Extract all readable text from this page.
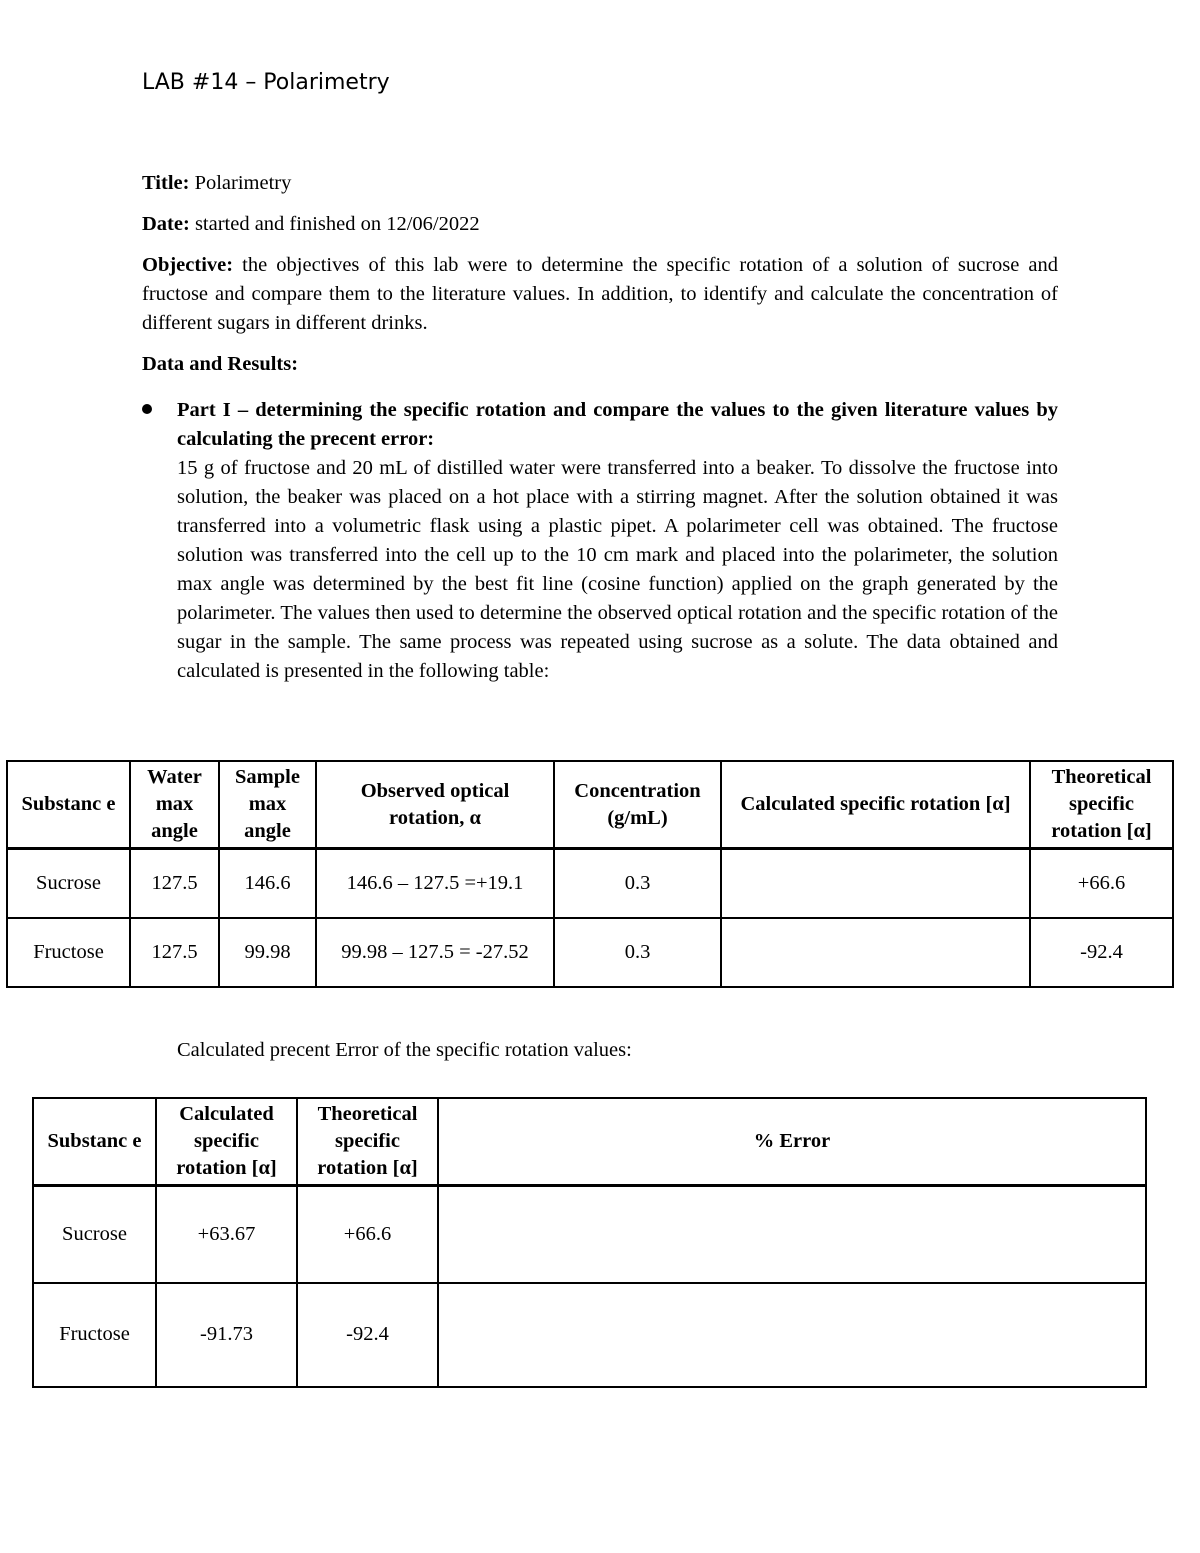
LAB #14 – Polarimetry
Title: Polarimetry
Date: started and finished on 12/06/2022
Objective: the objectives of this lab were to determine the specific rotation of a solution of sucrose and fructose and compare them to the literature values. In addition, to identify and calculate the concentration of different sugars in different drinks.
Data and Results:
Part I – determining the specific rotation and compare the values to the given literature values by calculating the precent error:
15 g of fructose and 20 mL of distilled water were transferred into a beaker. To dissolve the fructose into solution, the beaker was placed on a hot place with a stirring magnet. After the solution obtained it was transferred into a volumetric flask using a plastic pipet. A polarimeter cell was obtained. The fructose solution was transferred into the cell up to the 10 cm mark and placed into the polarimeter, the solution max angle was determined by the best fit line (cosine function) applied on the graph generated by the polarimeter. The values then used to determine the observed optical rotation and the specific rotation of the sugar in the sample. The same process was repeated using sucrose as a solute. The data obtained and calculated is presented in the following table:
Substanc e	Water max angle	Sample max angle	Observed optical rotation, α	Concentration (g/mL)	Calculated specific rotation [α]	Theoretical specific rotation [α]
Sucrose	127.5	146.6	146.6 – 127.5 =+19.1	0.3		+66.6
Fructose	127.5	99.98	99.98 – 127.5 = -27.52	0.3		-92.4
Calculated precent Error of the specific rotation values:
Substanc e	Calculated specific rotation [α]	Theoretical specific rotation [α]	% Error
Sucrose	+63.67	+66.6	
Fructose	-91.73	-92.4	
